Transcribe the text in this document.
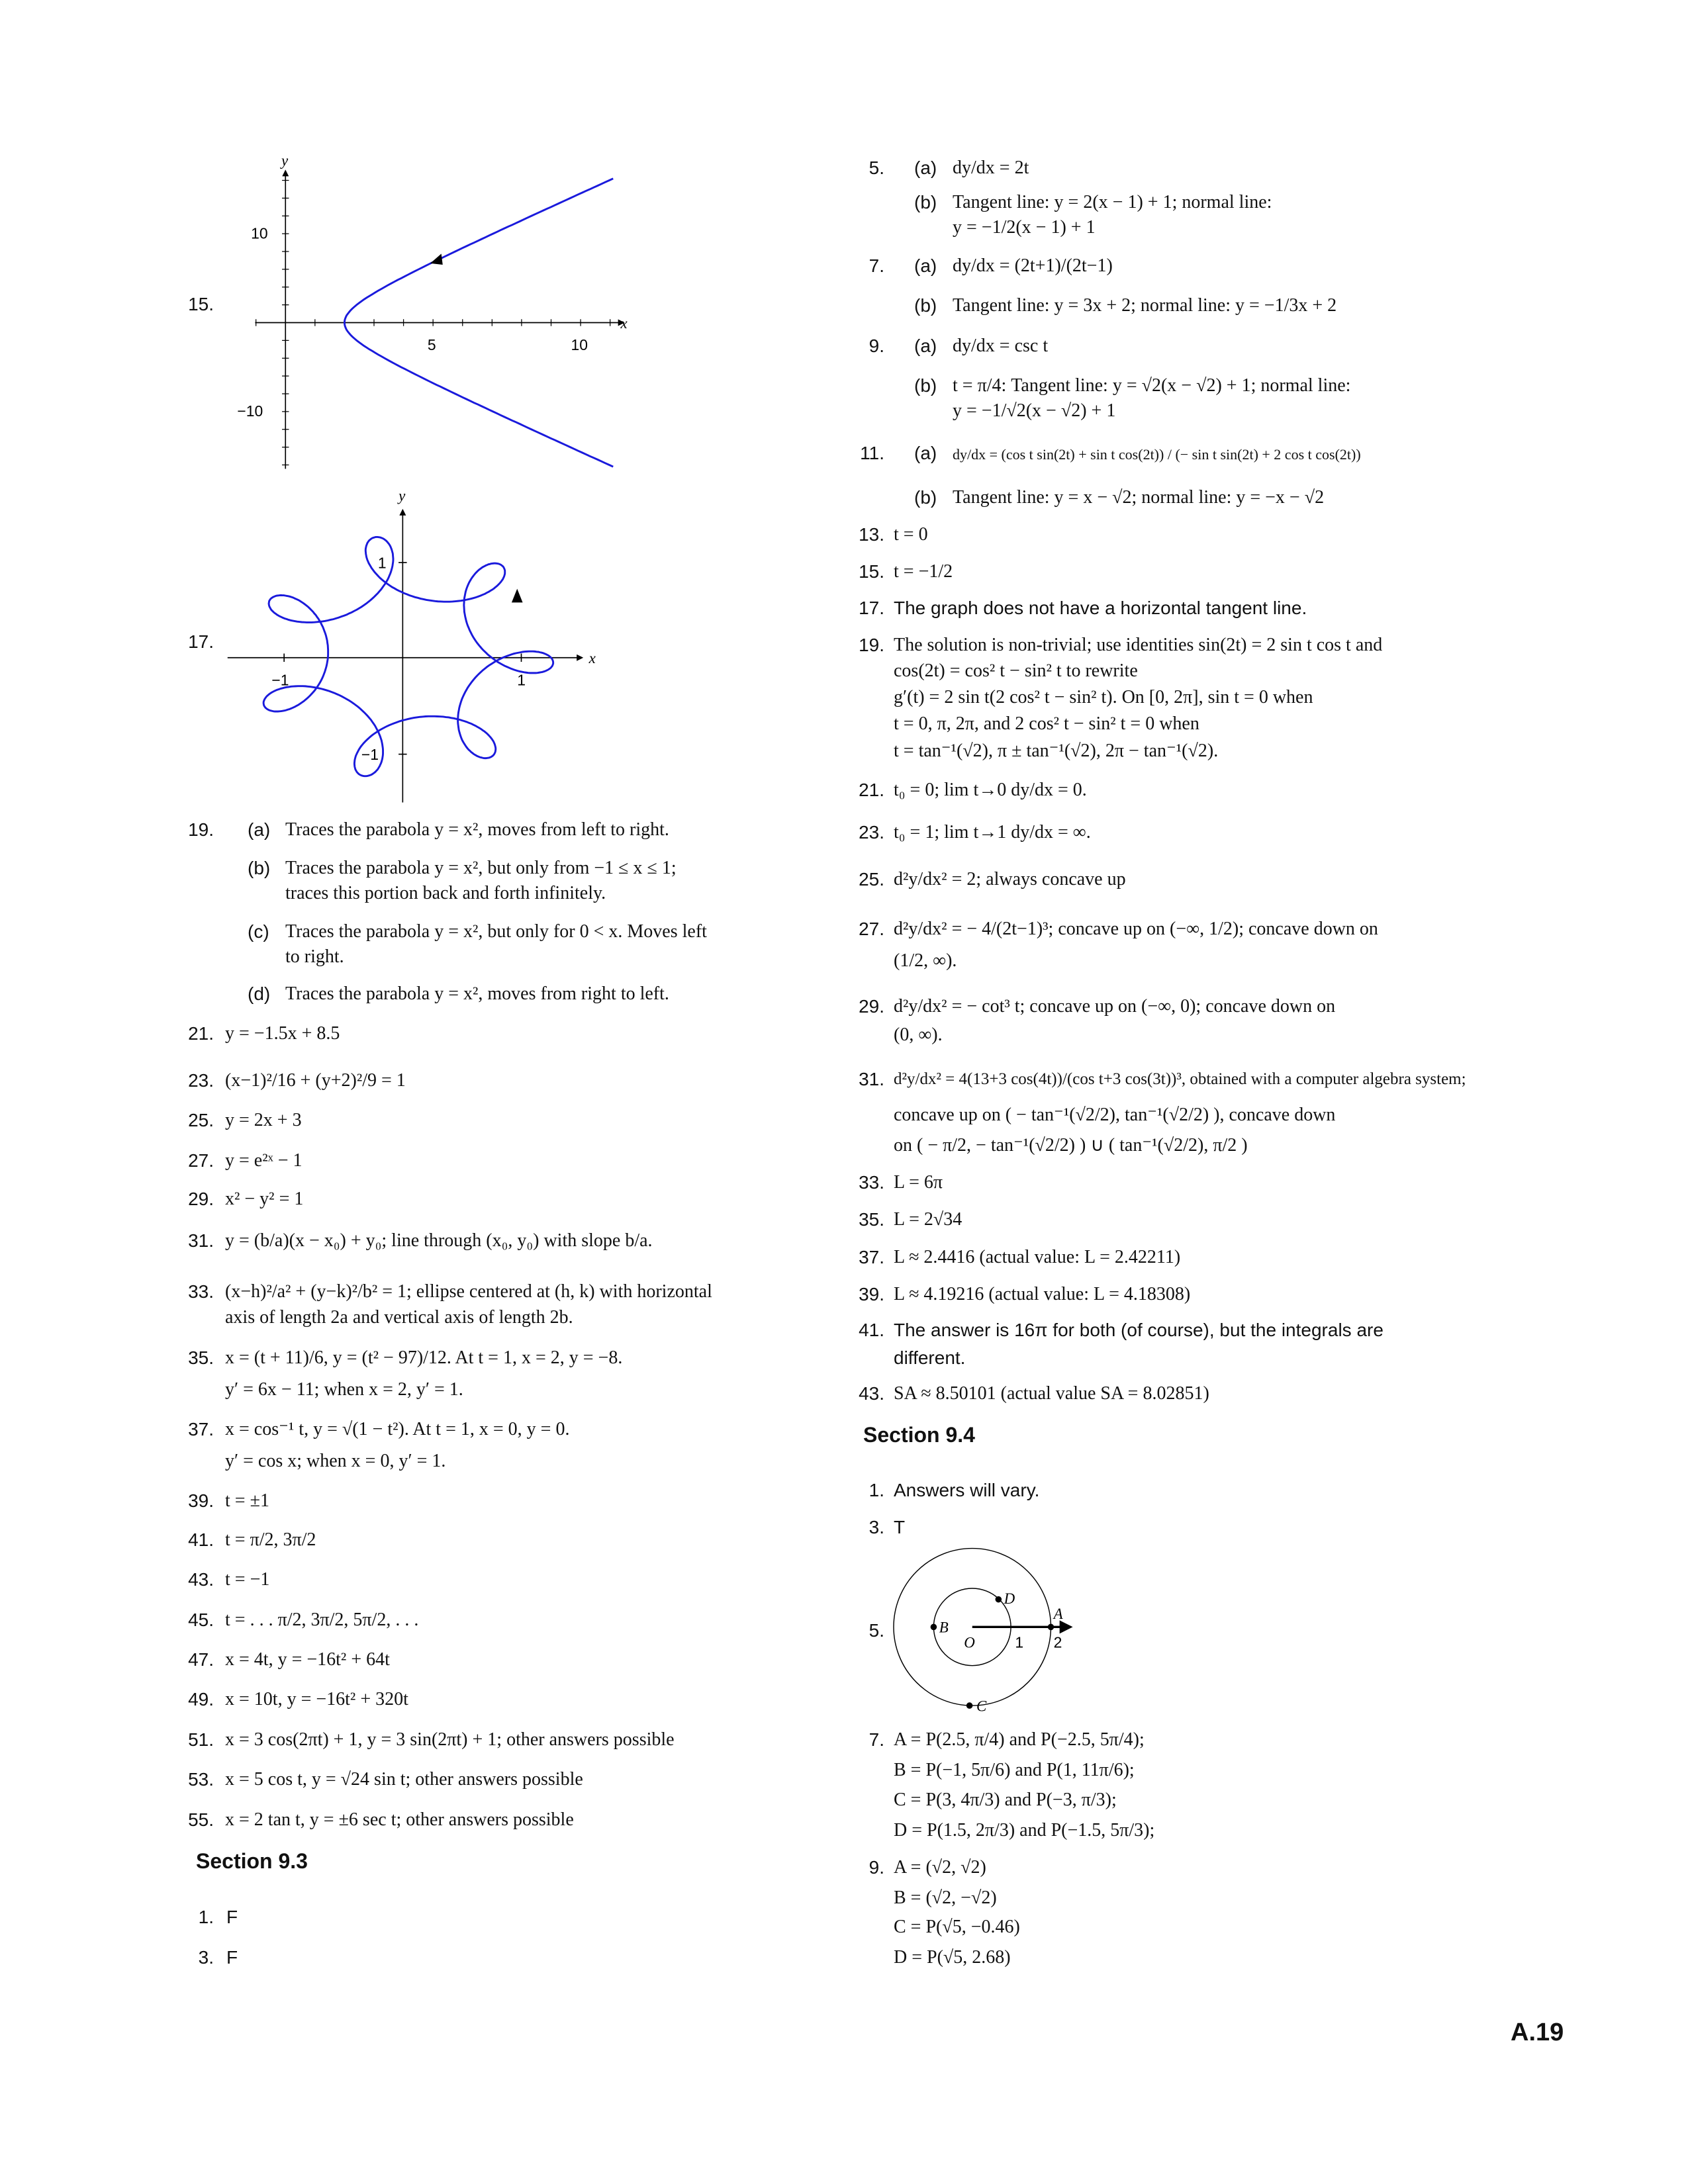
x
y
5	10
10
−10
x
y
−1	1
1
−1
A
B
C
D
O	1	2
15.
17.
19. (a) Traces the parabola y = x², moves from left to right.
(b) Traces the parabola y = x², but only from −1 ≤ x ≤ 1;
traces this portion back and forth infinitely.
(c) Traces the parabola y = x², but only for 0 < x. Moves left
to right.
(d) Traces the parabola y = x², moves from right to left.
21. y = −1.5x + 8.5
23. (x−1)²/16 + (y+2)²/9 = 1
25. y = 2x + 3
27. y = e²ˣ − 1
29. x² − y² = 1
31. y = (b/a)(x − x₀) + y₀; line through (x₀, y₀) with slope b/a.
33. (x−h)²/a² + (y−k)²/b² = 1; ellipse centered at (h, k) with horizontal
axis of length 2a and vertical axis of length 2b.
35. x = (t + 11)/6, y = (t² − 97)/12. At t = 1, x = 2, y = −8.
y′ = 6x − 11; when x = 2, y′ = 1.
37. x = cos⁻¹ t, y = √(1 − t²). At t = 1, x = 0, y = 0.
y′ = cos x; when x = 0, y′ = 1.
39. t = ±1
41. t = π/2, 3π/2
43. t = −1
45. t = . . . π/2, 3π/2, 5π/2, . . .
47. x = 4t, y = −16t² + 64t
49. x = 10t, y = −16t² + 320t
51. x = 3 cos(2πt) + 1, y = 3 sin(2πt) + 1; other answers possible
53. x = 5 cos t, y = √24 sin t; other answers possible
55. x = 2 tan t, y = ±6 sec t; other answers possible
Section 9.3
1. F
3. F
5. (a) dy/dx = 2t
(b) Tangent line: y = 2(x − 1) + 1; normal line:
y = −1/2(x − 1) + 1
7. (a) dy/dx = (2t+1)/(2t−1)
(b) Tangent line: y = 3x + 2; normal line: y = −1/3x + 2
9. (a) dy/dx = csc t
(b) t = π/4: Tangent line: y = √2(x − √2) + 1; normal line:
y = −1/√2(x − √2) + 1
11. (a) dy/dx = (cos t sin(2t) + sin t cos(2t)) / (− sin t sin(2t) + 2 cos t cos(2t))
(b) Tangent line: y = x − √2; normal line: y = −x − √2
13. t = 0
15. t = −1/2
17. The graph does not have a horizontal tangent line.
19. The solution is non-trivial; use identities sin(2t) = 2 sin t cos t and
cos(2t) = cos² t − sin² t to rewrite
g′(t) = 2 sin t(2 cos² t − sin² t). On [0, 2π], sin t = 0 when
t = 0, π, 2π, and 2 cos² t − sin² t = 0 when
t = tan⁻¹(√2), π ± tan⁻¹(√2), 2π − tan⁻¹(√2).
21. t₀ = 0; lim t→0 dy/dx = 0.
23. t₀ = 1; lim t→1 dy/dx = ∞.
25. d²y/dx² = 2; always concave up
27. d²y/dx² = − 4/(2t−1)³; concave up on (−∞, 1/2); concave down on
(1/2, ∞).
29. d²y/dx² = − cot³ t; concave up on (−∞, 0); concave down on
(0, ∞).
31. d²y/dx² = 4(13+3 cos(4t))/(cos t+3 cos(3t))³, obtained with a computer algebra system;
concave up on ( − tan⁻¹(√2/2), tan⁻¹(√2/2) ), concave down
on ( − π/2, − tan⁻¹(√2/2) ) ∪ ( tan⁻¹(√2/2), π/2 )
33. L = 6π
35. L = 2√34
37. L ≈ 2.4416 (actual value: L = 2.42211)
39. L ≈ 4.19216 (actual value: L = 4.18308)
41. The answer is 16π for both (of course), but the integrals are
different.
43. SA ≈ 8.50101 (actual value SA = 8.02851)
Section 9.4
1. Answers will vary.
3. T
5.
7. A = P(2.5, π/4) and P(−2.5, 5π/4);
B = P(−1, 5π/6) and P(1, 11π/6);
C = P(3, 4π/3) and P(−3, π/3);
D = P(1.5, 2π/3) and P(−1.5, 5π/3);
9. A = (√2, √2)
B = (√2, −√2)
C = P(√5, −0.46)
D = P(√5, 2.68)
A.19
